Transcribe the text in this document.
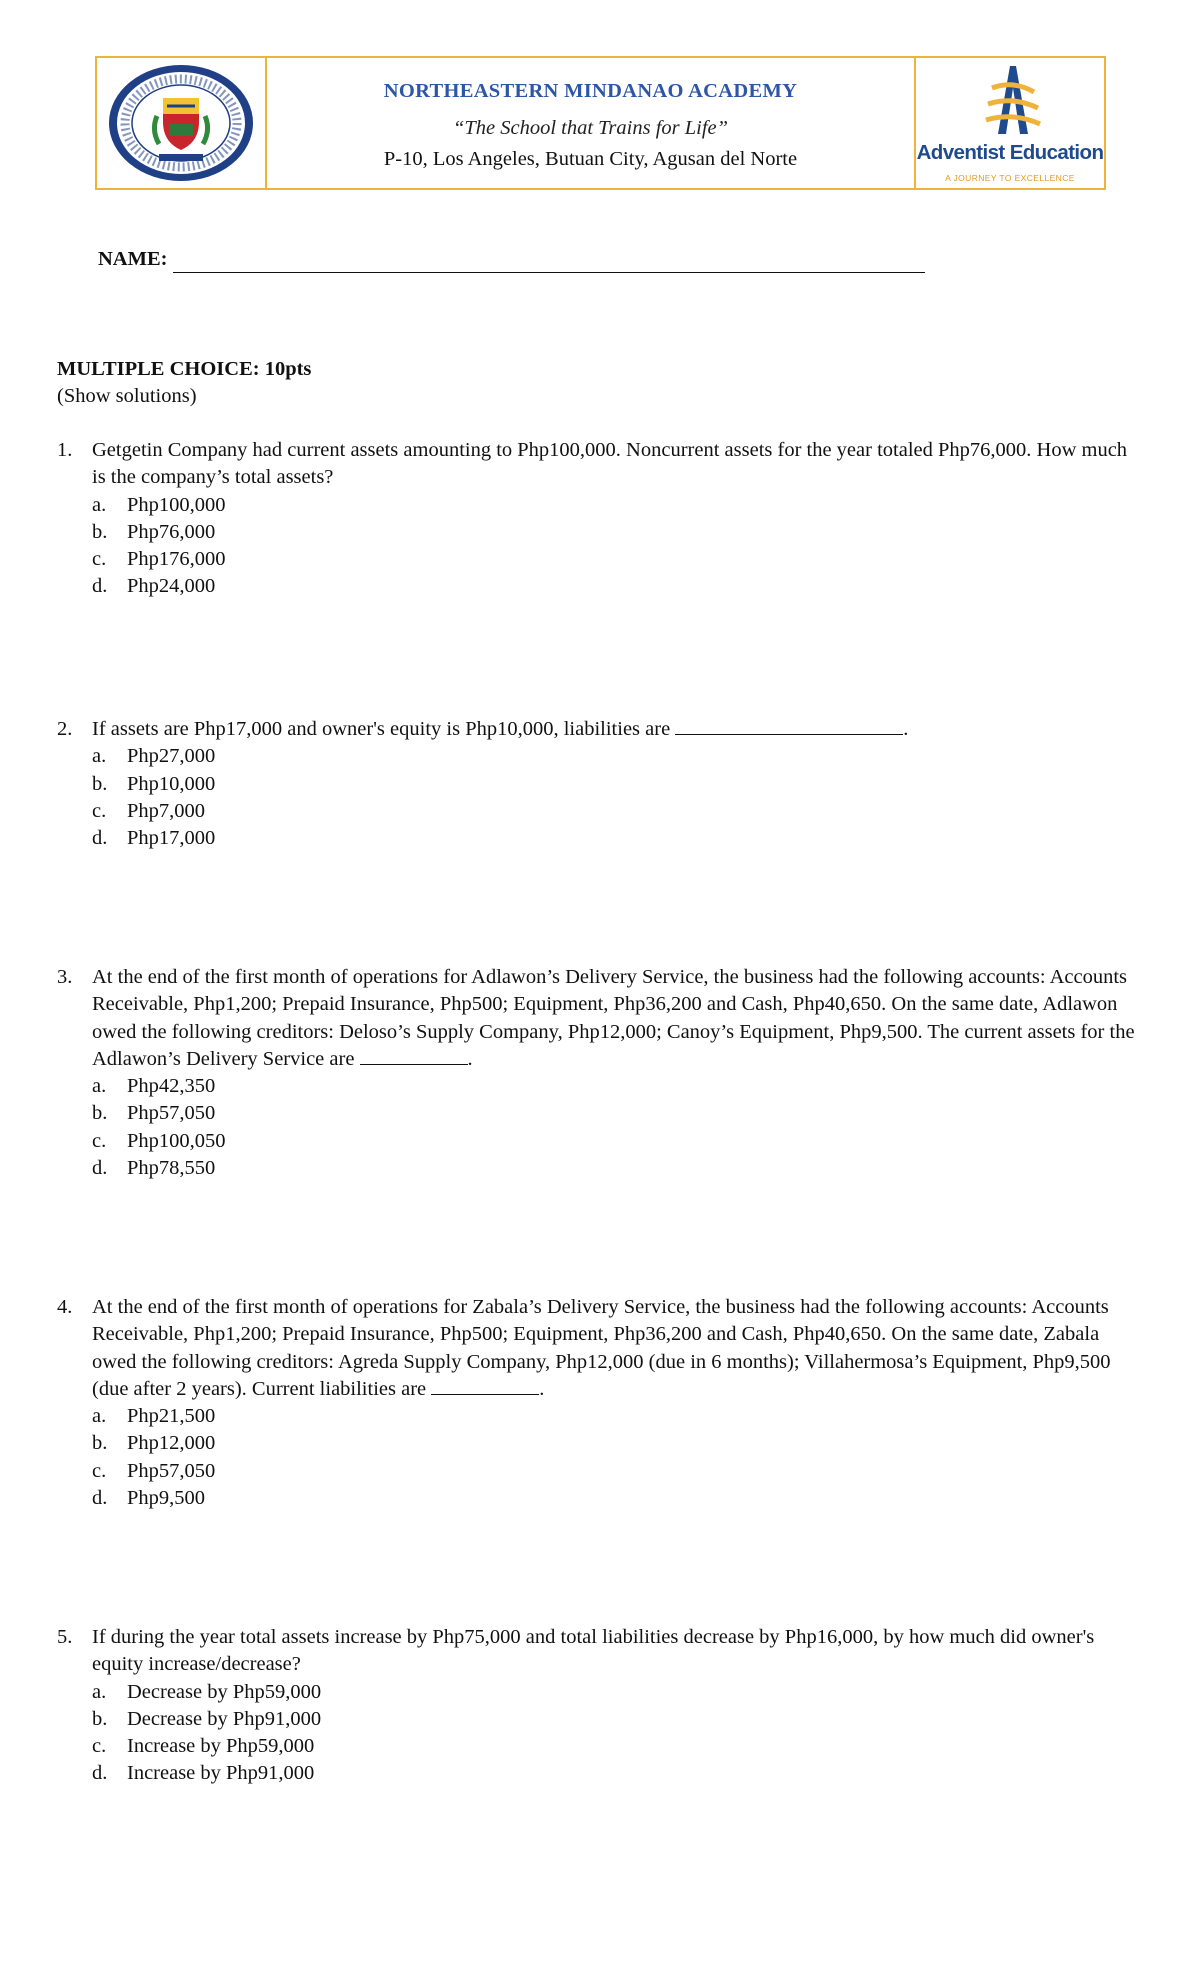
NORTHEASTERN MINDANAO ACADEMY
“The School that Trains for Life”
P-10, Los Angeles, Butuan City, Agusan del Norte	Adventist Education
A JOURNEY TO EXCELLENCE
NAME:
MULTIPLE CHOICE: 10pts
(Show solutions)
1. Getgetin Company had current assets amounting to Php100,000. Noncurrent assets for the year totaled Php76,000. How much is the company’s total assets?
a. Php100,000
b. Php76,000
c. Php176,000
d. Php24,000
2. If assets are Php17,000 and owner's equity is Php10,000, liabilities are	.
a. Php27,000
b. Php10,000
c. Php7,000
d. Php17,000
3. At the end of the first month of operations for Adlawon’s Delivery Service, the business had the following accounts: Accounts Receivable, Php1,200; Prepaid Insurance, Php500; Equipment, Php36,200 and Cash, Php40,650. On the same date, Adlawon owed the following creditors: Deloso’s Supply Company, Php12,000; Canoy’s Equipment, Php9,500. The current assets for the Adlawon’s Delivery Service are	.
a. Php42,350
b. Php57,050
c. Php100,050
d. Php78,550
4. At the end of the first month of operations for Zabala’s Delivery Service, the business had the following accounts: Accounts Receivable, Php1,200; Prepaid Insurance, Php500; Equipment, Php36,200 and Cash, Php40,650. On the same date, Zabala owed the following creditors: Agreda Supply Company, Php12,000 (due in 6 months); Villahermosa’s Equipment, Php9,500 (due after 2 years). Current liabilities are	.
a. Php21,500
b. Php12,000
c. Php57,050
d. Php9,500
5. If during the year total assets increase by Php75,000 and total liabilities decrease by Php16,000, by how much did owner's equity increase/decrease?
a. Decrease by Php59,000
b. Decrease by Php91,000
c. Increase by Php59,000
d. Increase by Php91,000
